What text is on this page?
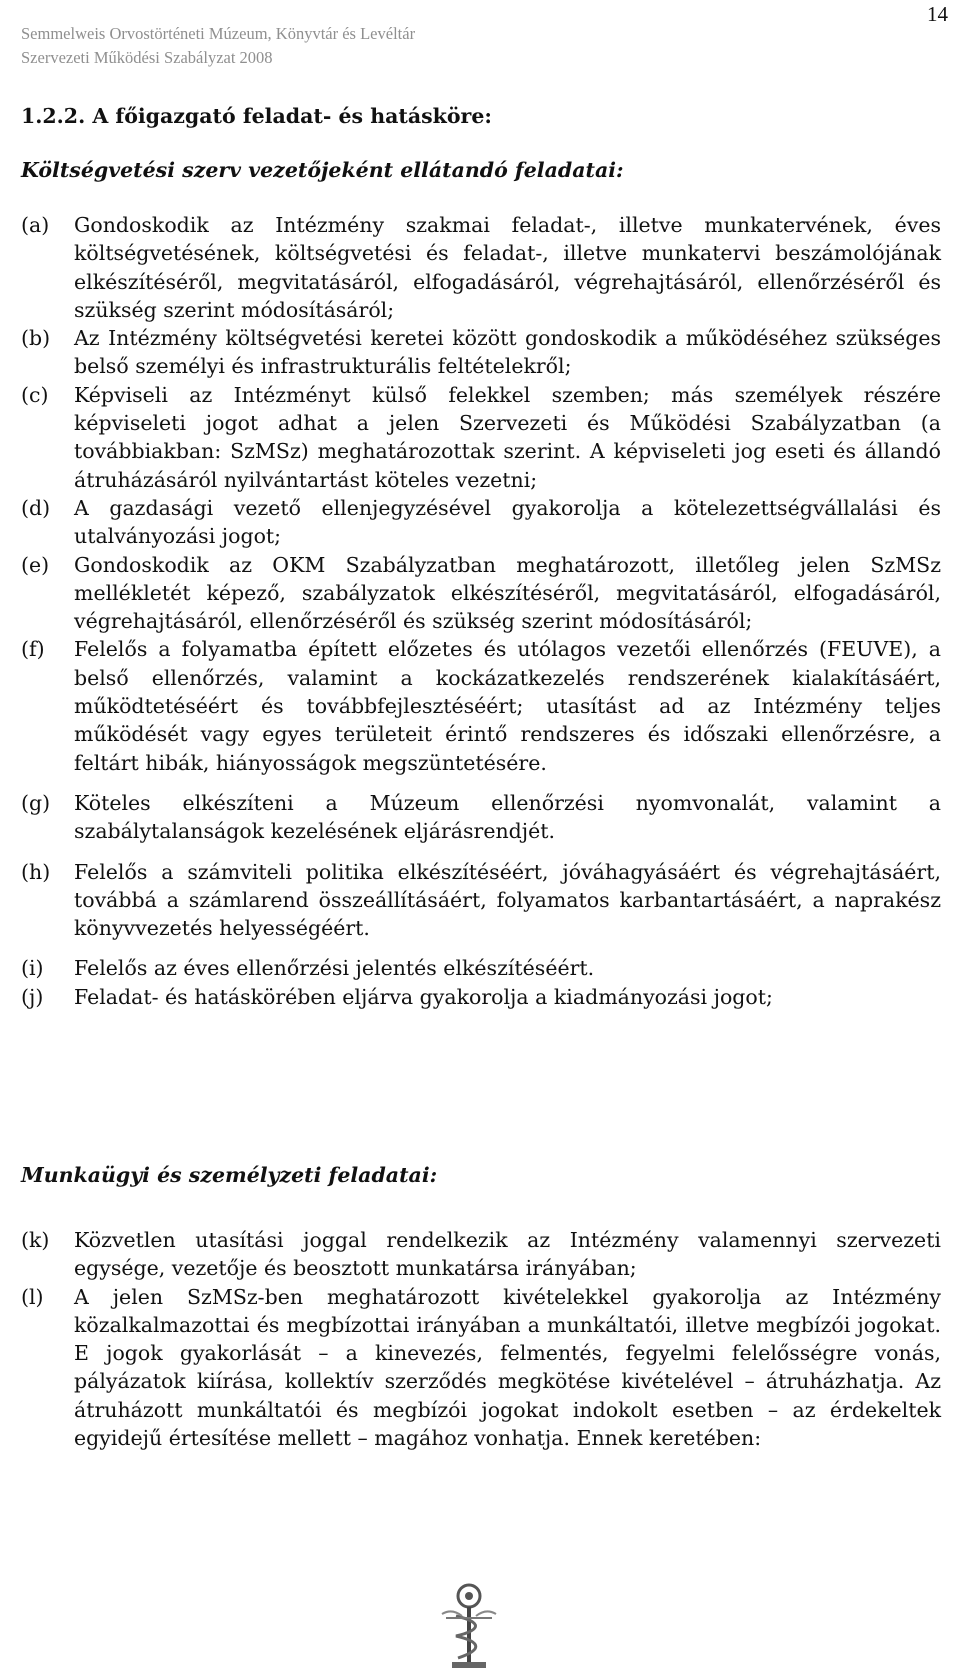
14
Semmelweis Orvostörténeti Múzeum, Könyvtár és Levéltár
Szervezeti Működési Szabályzat 2008
1.2.2. A főigazgató feladat- és hatásköre:
Költségvetési szerv vezetőjeként ellátandó feladatai:
(a)	Gondoskodik az Intézmény szakmai feladat-, illetve munkatervének, éves költségvetésének, költségvetési és feladat-, illetve munkatervi beszámolójának elkészítéséről, megvitatásáról, elfogadásáról, végrehajtásáról, ellenőrzéséről és szükség szerint módosításáról;
(b)	Az Intézmény költségvetési keretei között gondoskodik a működéséhez szükséges belső személyi és infrastrukturális feltételekről;
(c)	Képviseli az Intézményt külső felekkel szemben; más személyek részére képviseleti jogot adhat a jelen Szervezeti és Működési Szabályzatban (a továbbiakban: SzMSz) meghatározottak szerint. A képviseleti jog eseti és állandó átruházásáról nyilvántartást köteles vezetni;
(d)	A gazdasági vezető ellenjegyzésével gyakorolja a kötelezettségvállalási és utalványozási jogot;
(e)	Gondoskodik az OKM Szabályzatban meghatározott, illetőleg jelen SzMSz mellékletét képező, szabályzatok elkészítéséről, megvitatásáról, elfogadásáról, végrehajtásáról, ellenőrzéséről és szükség szerint módosításáról;
(f)	Felelős a folyamatba épített előzetes és utólagos vezetői ellenőrzés (FEUVE), a belső ellenőrzés, valamint a kockázatkezelés rendszerének kialakításáért, működtetéséért és továbbfejlesztéséért; utasítást ad az Intézmény teljes működését vagy egyes területeit érintő rendszeres és időszaki ellenőrzésre, a feltárt hibák, hiányosságok megszüntetésére.
(g)	Köteles elkészíteni a Múzeum ellenőrzési nyomvonalát, valamint a szabálytalanságok kezelésének eljárásrendjét.
(h)	Felelős a számviteli politika elkészítéséért, jóváhagyásáért és végrehajtásáért, továbbá a számlarend összeállításáért, folyamatos karbantartásáért, a naprakész könyvvezetés helyességéért.
(i)	Felelős az éves ellenőrzési jelentés elkészítéséért.
(j)	Feladat- és hatáskörében eljárva gyakorolja a kiadmányozási jogot;
Munkaügyi és személyzeti feladatai:
(k)	Közvetlen utasítási joggal rendelkezik az Intézmény valamennyi szervezeti egysége, vezetője és beosztott munkatársa irányában;
(l)	A jelen SzMSz-ben meghatározott kivételekkel gyakorolja az Intézmény közalkalmazottai és megbízottai irányában a munkáltatói, illetve megbízói jogokat. E jogok gyakorlását – a kinevezés, felmentés, fegyelmi felelősségre vonás, pályázatok kiírása, kollektív szerződés megkötése kivételével – átruházhatja. Az átruházott munkáltatói és megbízói jogokat indokolt esetben – az érdekeltek egyidejű értesítése mellett – magához vonhatja. Ennek keretében:
